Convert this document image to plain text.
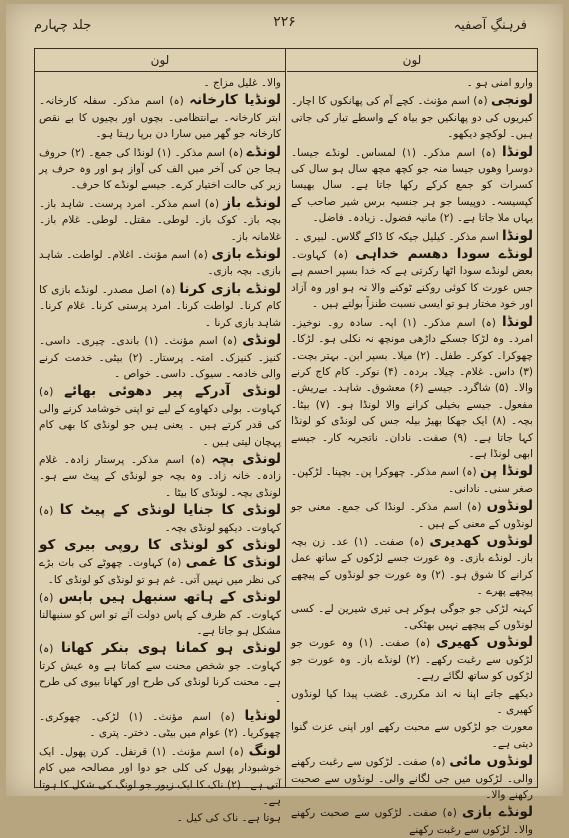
فرہنگِ آصفیہ
۲۲۶
جلد چہارم
لون
لون

وارو امنی ہو ۔

لونجی (ہ) اسم مؤنث۔ کچے آم کی پھانکوں کا اچار۔ کیریوں کی دو پھانکیں جو بیاہ کے واسطے تیار کی جاتی ہیں۔ لوکچو دیکھو۔

لونڈا (ہ) اسم مذکر۔ (۱) لمساس۔ لونڈے جیسا۔ دوسرا وھوں جیسا منہ جو کچھ مچھ سال ہو سال کی کسرات کو جمع کرکے رکھا جاتا ہے۔ سال بھیسا کپسیسہ۔ دوپیسا جو ہر جنسیہ برس شیر صاحب کے یہاں ملا جاتا ہے۔ (۲) مانیہ فضول۔ زیادہ۔ فاضل۔

لونڈا اسم مذکر۔ کیلیل جیکہ کا ڈاکے گلاس۔ لبیری ۔

لونڈے سودا دھسم خداہی (ہ) کہاوت۔ بعض لونڈے سودا اٹھا رکرتی ہے کہ خدا بسپر احسم ہے جس عورت کا کوئی روکنے ٹوکنے والا نہ ہو اور وہ آزاد اور خود مختار ہو تو ایسی نسبت طنزاً بولتے ہیں ۔

لونڈا (ہ) اسم مذکر۔ (۱) اپہ۔ سادہ رو۔ نوخیز۔ امرد۔ وہ لڑکا جسکے داڑھی مونچھ نہ نکلی ہو۔ لڑکا۔ چھوکرا۔ کوکر۔ طفل۔ (۲) میلا۔ بسپر ابن۔ بہتر بچت۔ (۳) داس۔ غلام۔ چیلا۔ بردہ۔ (۴) نوکر۔ کام کاج کرنے والا۔ (۵) شاگرد۔ جیسے (۶) معشوق۔ شاہد۔ بےریش۔ مفعول۔ جیسے بخیلی کرانے والا لونڈا ہو۔ (۷) بیٹا۔ بچہ۔ (۸) ایک جھکا بھیڑ بیلہ جس کی لونڈی کو لونڈا کہا جاتا ہے۔ (۹) صفت۔ نادان۔ ناتجربہ کار۔ جیسے ابھی لونڈا ہے۔

لونڈا پن (ہ) اسم مذکر۔ چھوکرا پن۔ بچپنا۔ لڑکپن۔ صغر سنی۔ نادانی۔

لونڈوں (ہ) اسم مذکر۔ لونڈا کی جمع۔ معنی جو لونڈوں کے معنی کے ہیں ۔

لونڈوں کھدیری (ہ) صفت۔ (۱) عد۔ زن بچہ باز۔ لونڈے بازی۔ وہ عورت جسے لڑکوں کے ساتھ عمل کرانے کا شوق ہو۔ (۲) وہ عورت جو لونڈوں کے پیچھے پیچھے پھرے ۔

کہنہ لڑکی جو جوگی ہوکر ہی تیری شیرین لے۔ کسی لونڈوں کے پیچھے نہیں بھٹکی۔

لونڈوں کھیری (ہ) صفت۔ (۱) وہ عورت جو لڑکوں سے رغبت رکھے۔ (۲) لونڈے باز۔ وہ عورت جو لڑکوں کو ساتھ لگائے رہے۔

دیکھے جاتے اپنا نہ اند مکرری۔ غضب پیدا کیا لونڈوں کھیری ۔

معورت جو لڑکوں سے محبت رکھے اور اپنی عزت گنوا دیتی ہے۔

لونڈوں مائی (ہ) صفت۔ لڑکوں سے رغبت رکھنے والی۔ لڑکوں میں جی لگانے والی۔ لونڈوں سے صحبت رکھنے والا۔

لونڈے بازی (ہ) صفت۔ لڑکوں سے صحبت رکھنے والا۔ لڑکوں سے رغبت رکھنے

والا۔ غلیل مزاج ۔

لونڈیا کارخانہ (ہ) اسم مذکر۔ سفلہ کارخانہ۔ ابتر کارخانہ۔ بےانتظامی۔ بچوں اور بچیوں کا بے نقص کارخانہ جو گھر میں سارا دن برپا رہتا ہو۔

لونڈے (ہ) اسم مذکر۔ (۱) لونڈا کی جمع۔ (۲) حروف ہجا جن کی آخر میں الف کی آواز ہو اور وہ حرف پر زبر کی حالت اختیار کرے۔ جیسے لونڈے کا حرف۔

لونڈے باز (ہ) اسم مذکر۔ امرد پرست۔ شاہد باز۔ بچہ باز۔ کوک باز۔ لوطی۔ مقتل۔ لوطی۔ غلام باز۔ غلامانہ باز۔

لونڈے بازی (ہ) اسم مؤنث۔ اغلام۔ لواطت۔ شاہد بازی۔ بچہ بازی۔

لونڈے بازی کرنا (ہ) اصل مصدر۔ لونڈے بازی کا کام کرنا۔ لواطت کرنا۔ امرد پرستی کرنا۔ غلام کرنا۔ شاہد بازی کرنا ۔

لونڈی (ہ) اسم مؤنث۔ (۱) باندی۔ چیری۔ داسی۔ کنیز۔ کنیزک۔ امتہ۔ پرستار۔ (۲) بیٹی۔ خدمت کرنے والی خادمہ۔ سیوک۔ داسی۔ خواص ۔

لونڈی آدرکے پیر دھوئی بھائے (ہ) کہاوت۔ بولی دکھاوے کے لیے تو اپنی خوشامد کرنے والی کی قدر کرتے ہیں ۔ یعنی ہیں جو لونڈی کا بھی کام پہچان لیتی ہیں ۔

لونڈی بچہ (ہ) اسم مذکر۔ پرستار زادہ۔ غلام زادہ۔ خانہ زاد۔ وہ بچہ جو لونڈی کے پیٹ سے ہو۔ لونڈی بچہ۔ لونڈی کا بیٹا ۔

لونڈی کا جنایا لونڈی کے پیٹ کا (ہ) کہاوت۔ دیکھو لونڈی بچہ۔

لونڈی کو لونڈی کا روپی بیری کو لونڈی کا غمی (ہ) کہاوت۔ چھوٹے کی بات بڑے کی نظر میں نہیں آتی۔ غم ہو تو لونڈی کو لونڈی کا۔

لونڈی کے ہاتھ سنبھل ہیں بابس (ہ) کہاوت۔ کم ظرف کے پاس دولت آئے تو اس کو سنبھالنا مشکل ہو جاتا ہے۔

لونڈی ہو کمانا ہوی بنکر کھانا (ہ) کہاوت۔ جو شخص محنت سے کماتا ہے وہ عیش کرتا ہے۔ محنت کرنا لونڈی کی طرح اور کھانا بیوی کی طرح ۔

لونڈیا (ہ) اسم مؤنث۔ (۱) لڑکی۔ چھوکری۔ چھوکریا۔ (۲) عوام میں بیٹی۔ دختر۔ پتری ۔

لونگ (ہ) اسم مؤنث۔ (۱) قرنفل۔ کرن پھول۔ ایک خوشبودار پھول کی کلی جو دوا اور مصالحہ میں کام آتی ہے۔ (۲) ناک کا ایک زیور جو لونگ کی شکل کا ہوتا ہے۔

ہوتا ہے۔ ناک کی کیل ۔
